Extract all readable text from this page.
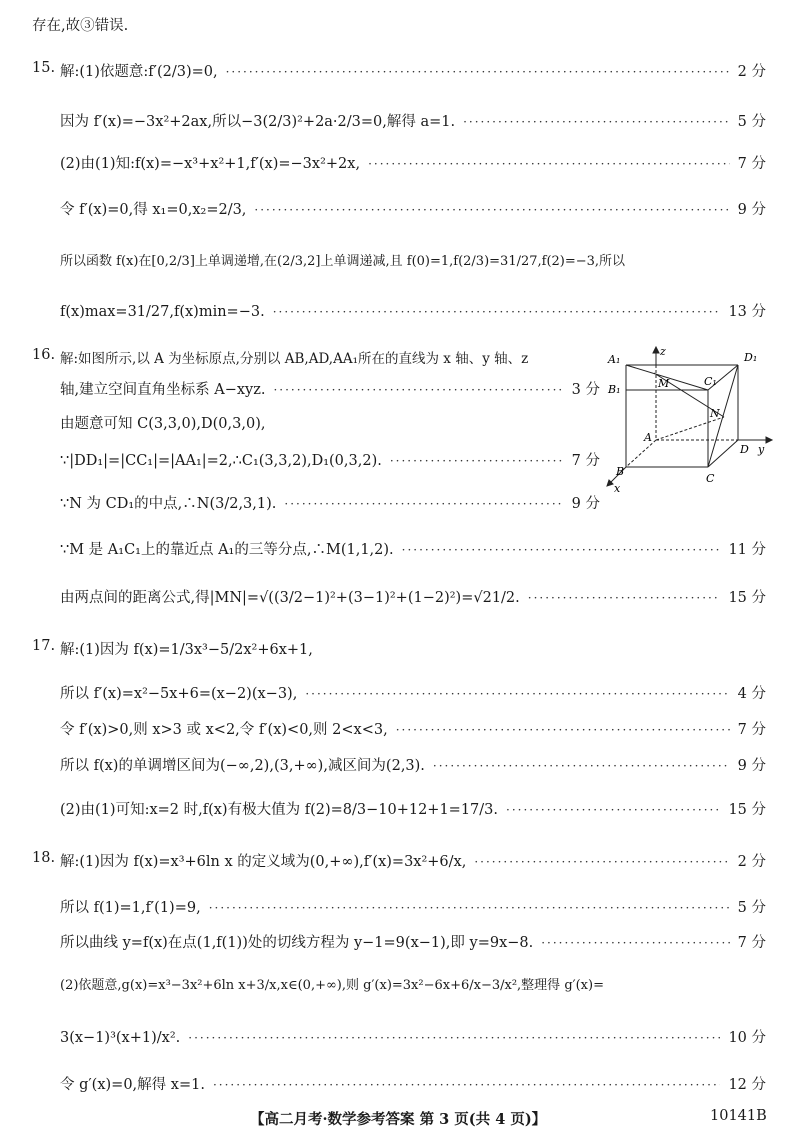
存在,故③错误.
15. 解:(1)依题意:f′(2/3)=0, ·····	2 分
因为 f′(x)=−3x²+2ax,所以−3(2/3)²+2a·2/3=0,解得 a=1. ·····	5 分
(2)由(1)知:f(x)=−x³+x²+1,f′(x)=−3x²+2x, ·····	7 分
令 f′(x)=0,得 x₁=0,x₂=2/3, ·····	9 分
所以函数 f(x)在[0,2/3]上单调递增,在(2/3,2]上单调递减,且 f(0)=1,f(2/3)=31/27,f(2)=−3,所以
f(x)max=31/27,f(x)min=−3. ·····	13 分
16. 解:如图所示,以 A 为坐标原点,分别以 AB,AD,AA₁所在的直线为 x 轴、y 轴、z
轴,建立空间直角坐标系 A−xyz. ·····	3 分
由题意可知 C(3,3,0),D(0,3,0),
∵|DD₁|=|CC₁|=|AA₁|=2,∴C₁(3,3,2),D₁(0,3,2). ·····	7 分
∵N 为 CD₁的中点,∴N(3/2,3,1). ·····	9 分
∵M 是 A₁C₁上的靠近点 A₁的三等分点,∴M(1,1,2). ·····	11 分
由两点间的距离公式,得|MN|=√((3/2−1)²+(3−1)²+(1−2)²)=√21/2. ·····	15 分
z
A₁	D₁
B₁
C₁
M
N
A
D y
B
C
x
17. 解:(1)因为 f(x)=1/3x³−5/2x²+6x+1,
所以 f′(x)=x²−5x+6=(x−2)(x−3), ·····	4 分
令 f′(x)>0,则 x>3 或 x<2,令 f′(x)<0,则 2<x<3, ·····	7 分
所以 f(x)的单调增区间为(−∞,2),(3,+∞),减区间为(2,3). ·····	9 分
(2)由(1)可知:x=2 时,f(x)有极大值为 f(2)=8/3−10+12+1=17/3. ·····	15 分
18. 解:(1)因为 f(x)=x³+6ln x 的定义域为(0,+∞),f′(x)=3x²+6/x, ·····	2 分
所以 f(1)=1,f′(1)=9, ·····	5 分
所以曲线 y=f(x)在点(1,f(1))处的切线方程为 y−1=9(x−1),即 y=9x−8. ·····	7 分
(2)依题意,g(x)=x³−3x²+6ln x+3/x,x∈(0,+∞),则 g′(x)=3x²−6x+6/x−3/x²,整理得 g′(x)=
3(x−1)³(x+1)/x². ·····	10 分
令 g′(x)=0,解得 x=1. ·····	12 分
【高二月考·数学参考答案 第 3 页(共 4 页)】	10141B
